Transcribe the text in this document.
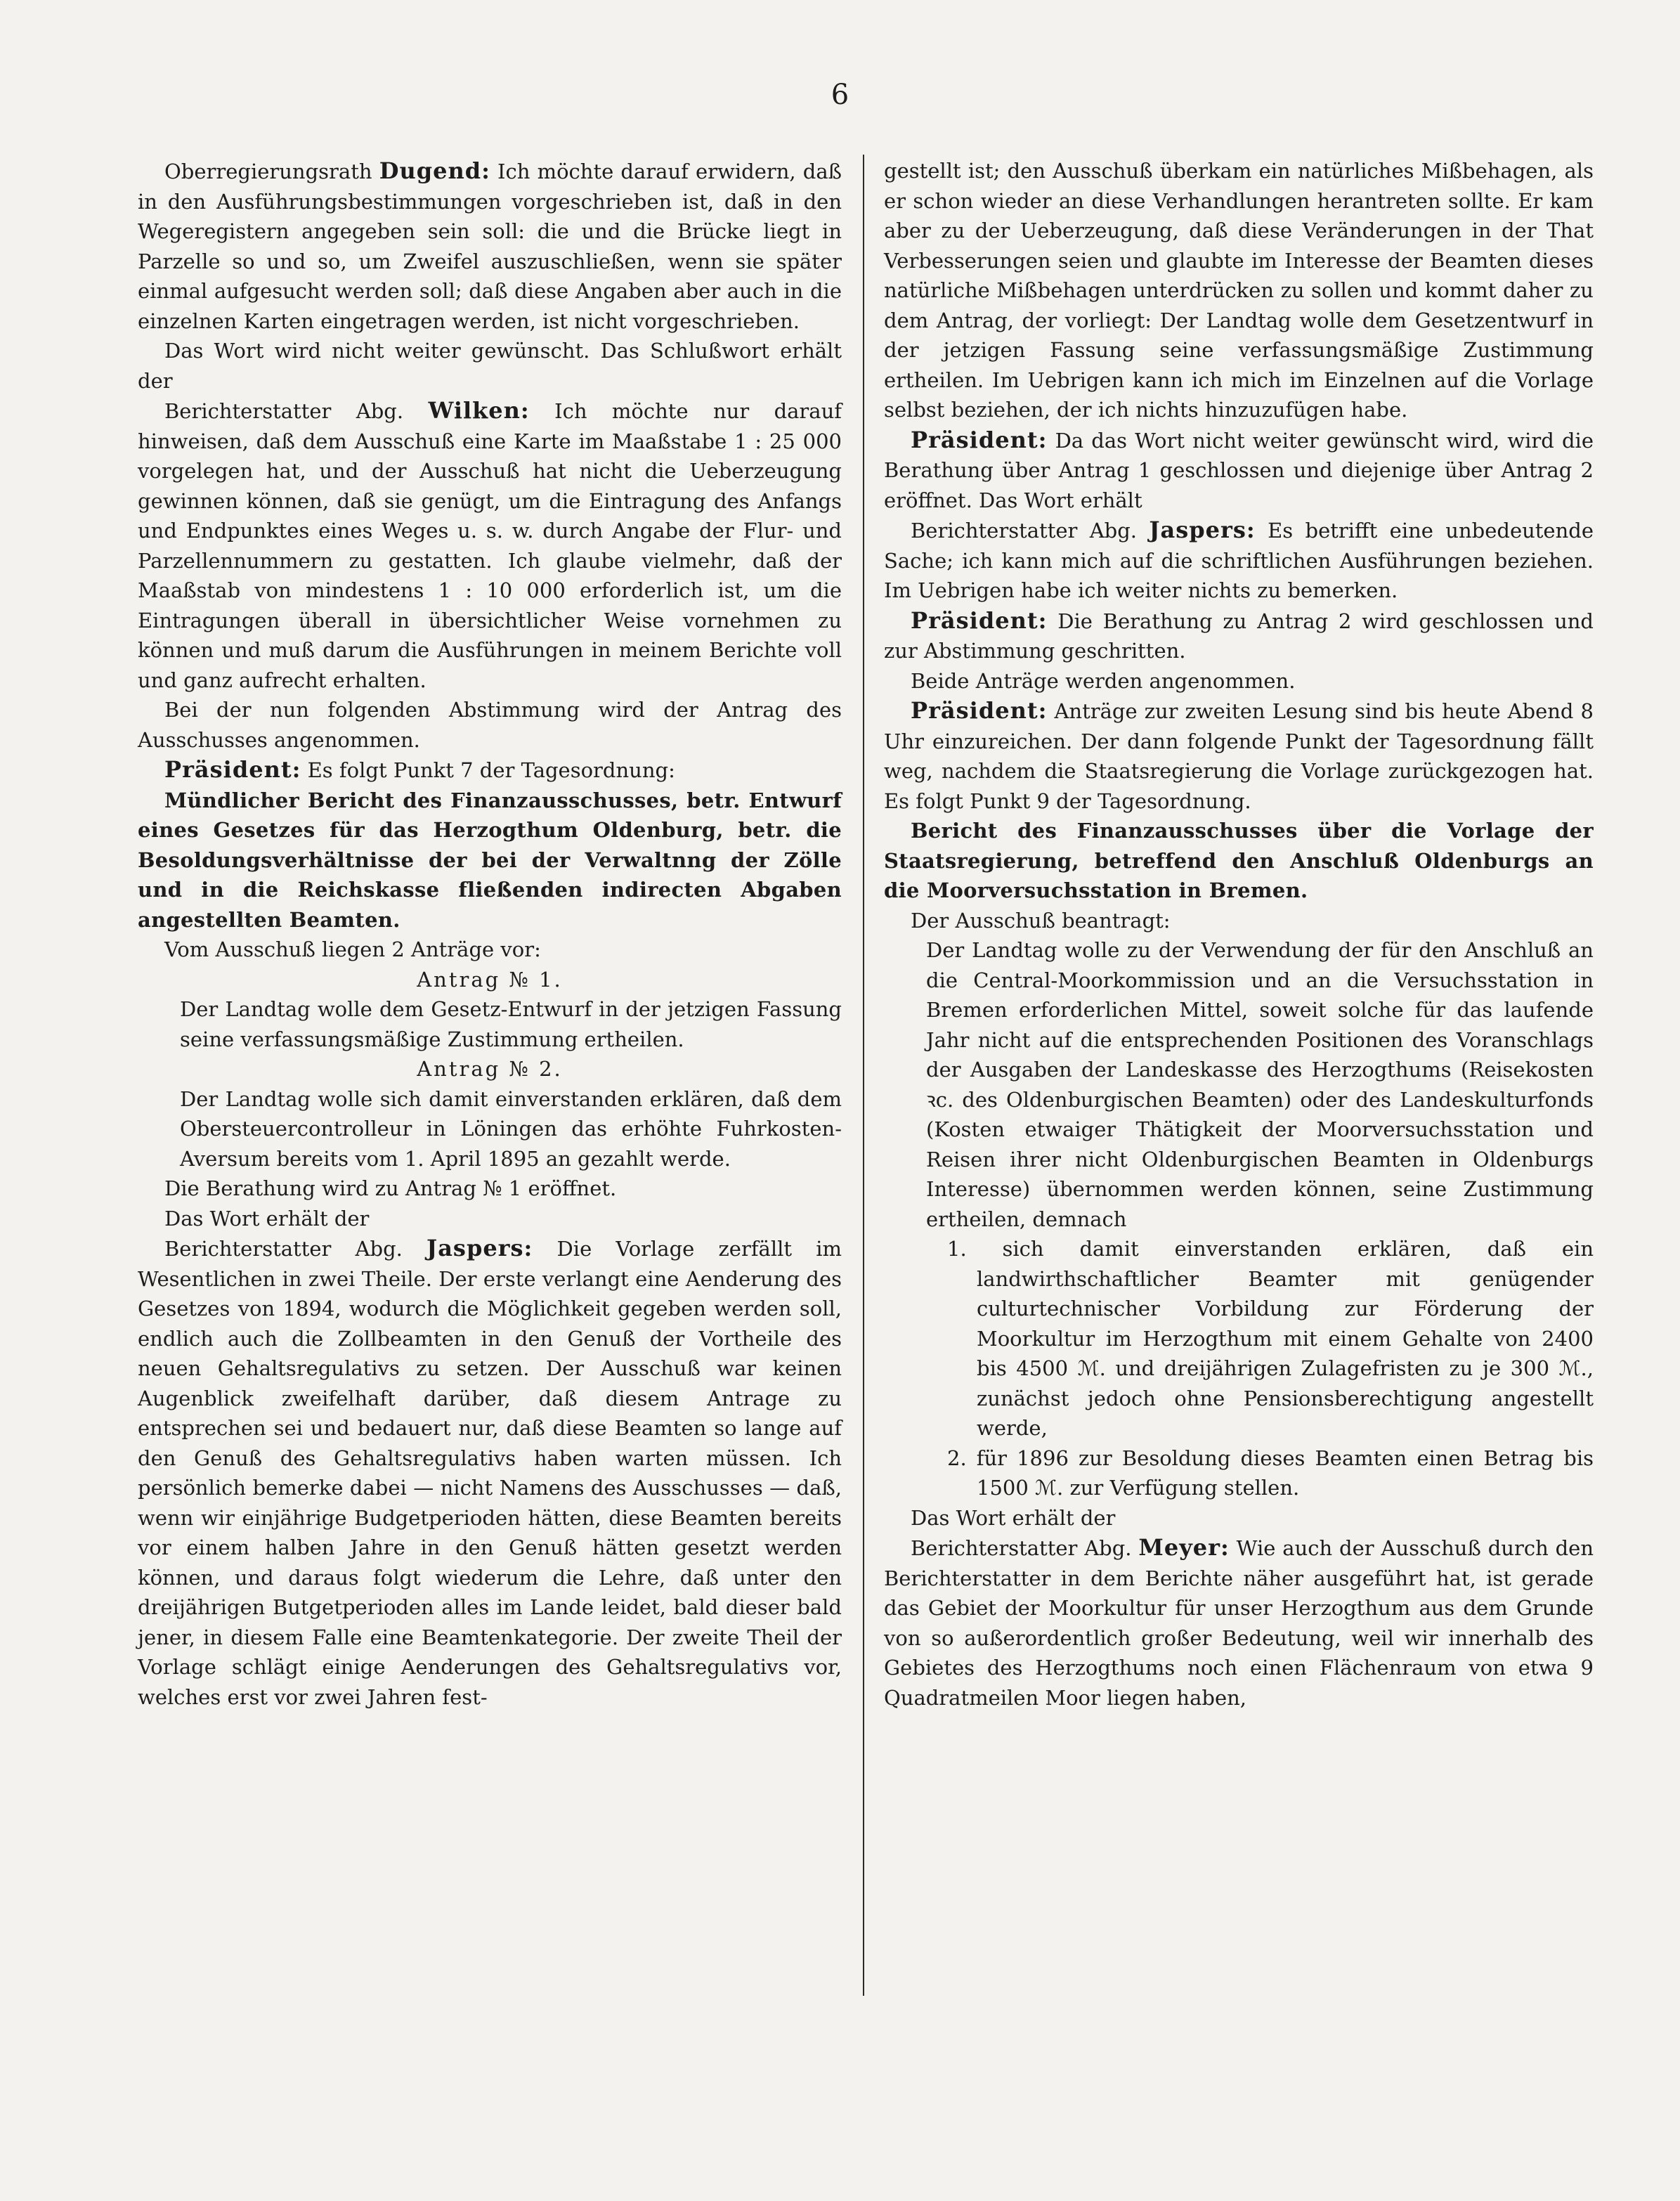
6

Oberregierungsrath Dugend: Ich möchte darauf erwidern, daß in den Ausführungsbestimmungen vorgeschrieben ist, daß in den Wegeregistern angegeben sein soll: die und die Brücke liegt in Parzelle so und so, um Zweifel auszuschließen, wenn sie später einmal aufgesucht werden soll; daß diese Angaben aber auch in die einzelnen Karten eingetragen werden, ist nicht vorgeschrieben.

Das Wort wird nicht weiter gewünscht. Das Schlußwort erhält der

Berichterstatter Abg. Wilken: Ich möchte nur darauf hinweisen, daß dem Ausschuß eine Karte im Maaßstabe 1 : 25 000 vorgelegen hat, und der Ausschuß hat nicht die Ueberzeugung gewinnen können, daß sie genügt, um die Eintragung des Anfangs und Endpunktes eines Weges u. s. w. durch Angabe der Flur- und Parzellennummern zu gestatten. Ich glaube vielmehr, daß der Maaßstab von mindestens 1 : 10 000 erforderlich ist, um die Eintragungen überall in übersichtlicher Weise vornehmen zu können und muß darum die Ausführungen in meinem Berichte voll und ganz aufrecht erhalten.

Bei der nun folgenden Abstimmung wird der Antrag des Ausschusses angenommen.

Präsident: Es folgt Punkt 7 der Tagesordnung:

Mündlicher Bericht des Finanzausschusses, betr. Entwurf eines Gesetzes für das Herzogthum Oldenburg, betr. die Besoldungsverhältnisse der bei der Verwaltnng der Zölle und in die Reichskasse fließenden indirecten Abgaben angestellten Beamten.

Vom Ausschuß liegen 2 Anträge vor:

Antrag № 1.

Der Landtag wolle dem Gesetz-Entwurf in der jetzigen Fassung seine verfassungsmäßige Zustimmung ertheilen.

Antrag № 2.

Der Landtag wolle sich damit einverstanden erklären, daß dem Obersteuercontrolleur in Löningen das erhöhte Fuhrkosten-Aversum bereits vom 1. April 1895 an gezahlt werde.

Die Berathung wird zu Antrag № 1 eröffnet.

Das Wort erhält der

Berichterstatter Abg. Jaspers: Die Vorlage zerfällt im Wesentlichen in zwei Theile. Der erste verlangt eine Aenderung des Gesetzes von 1894, wodurch die Möglichkeit gegeben werden soll, endlich auch die Zollbeamten in den Genuß der Vortheile des neuen Gehaltsregulativs zu setzen. Der Ausschuß war keinen Augenblick zweifelhaft darüber, daß diesem Antrage zu entsprechen sei und bedauert nur, daß diese Beamten so lange auf den Genuß des Gehaltsregulativs haben warten müssen. Ich persönlich bemerke dabei — nicht Namens des Ausschusses — daß, wenn wir einjährige Budgetperioden hätten, diese Beamten bereits vor einem halben Jahre in den Genuß hätten gesetzt werden können, und daraus folgt wiederum die Lehre, daß unter den dreijährigen Butgetperioden alles im Lande leidet, bald dieser bald jener, in diesem Falle eine Beamtenkategorie. Der zweite Theil der Vorlage schlägt einige Aenderungen des Gehaltsregulativs vor, welches erst vor zwei Jahren fest-

gestellt ist; den Ausschuß überkam ein natürliches Mißbehagen, als er schon wieder an diese Verhandlungen herantreten sollte. Er kam aber zu der Ueberzeugung, daß diese Veränderungen in der That Verbesserungen seien und glaubte im Interesse der Beamten dieses natürliche Mißbehagen unterdrücken zu sollen und kommt daher zu dem Antrag, der vorliegt: Der Landtag wolle dem Gesetzentwurf in der jetzigen Fassung seine verfassungsmäßige Zustimmung ertheilen. Im Uebrigen kann ich mich im Einzelnen auf die Vorlage selbst beziehen, der ich nichts hinzuzufügen habe.

Präsident: Da das Wort nicht weiter gewünscht wird, wird die Berathung über Antrag 1 geschlossen und diejenige über Antrag 2 eröffnet. Das Wort erhält

Berichterstatter Abg. Jaspers: Es betrifft eine unbedeutende Sache; ich kann mich auf die schriftlichen Ausführungen beziehen. Im Uebrigen habe ich weiter nichts zu bemerken.

Präsident: Die Berathung zu Antrag 2 wird geschlossen und zur Abstimmung geschritten.

Beide Anträge werden angenommen.

Präsident: Anträge zur zweiten Lesung sind bis heute Abend 8 Uhr einzureichen. Der dann folgende Punkt der Tagesordnung fällt weg, nachdem die Staatsregierung die Vorlage zurückgezogen hat. Es folgt Punkt 9 der Tagesordnung.

Bericht des Finanzausschusses über die Vorlage der Staatsregierung, betreffend den Anschluß Oldenburgs an die Moorversuchsstation in Bremen.

Der Ausschuß beantragt:

Der Landtag wolle zu der Verwendung der für den Anschluß an die Central-Moorkommission und an die Versuchsstation in Bremen erforderlichen Mittel, soweit solche für das laufende Jahr nicht auf die entsprechenden Positionen des Voranschlags der Ausgaben der Landeskasse des Herzogthums (Reisekosten ꝛc. des Oldenburgischen Beamten) oder des Landeskulturfonds (Kosten etwaiger Thätigkeit der Moorversuchsstation und Reisen ihrer nicht Oldenburgischen Beamten in Oldenburgs Interesse) übernommen werden können, seine Zustimmung ertheilen, demnach

1. sich damit einverstanden erklären, daß ein landwirthschaftlicher Beamter mit genügender culturtechnischer Vorbildung zur Förderung der Moorkultur im Herzogthum mit einem Gehalte von 2400 bis 4500 ℳ. und dreijährigen Zulagefristen zu je 300 ℳ., zunächst jedoch ohne Pensionsberechtigung angestellt werde,

2. für 1896 zur Besoldung dieses Beamten einen Betrag bis 1500 ℳ. zur Verfügung stellen.

Das Wort erhält der

Berichterstatter Abg. Meyer: Wie auch der Ausschuß durch den Berichterstatter in dem Berichte näher ausgeführt hat, ist gerade das Gebiet der Moorkultur für unser Herzogthum aus dem Grunde von so außerordentlich großer Bedeutung, weil wir innerhalb des Gebietes des Herzogthums noch einen Flächenraum von etwa 9 Quadratmeilen Moor liegen haben,
